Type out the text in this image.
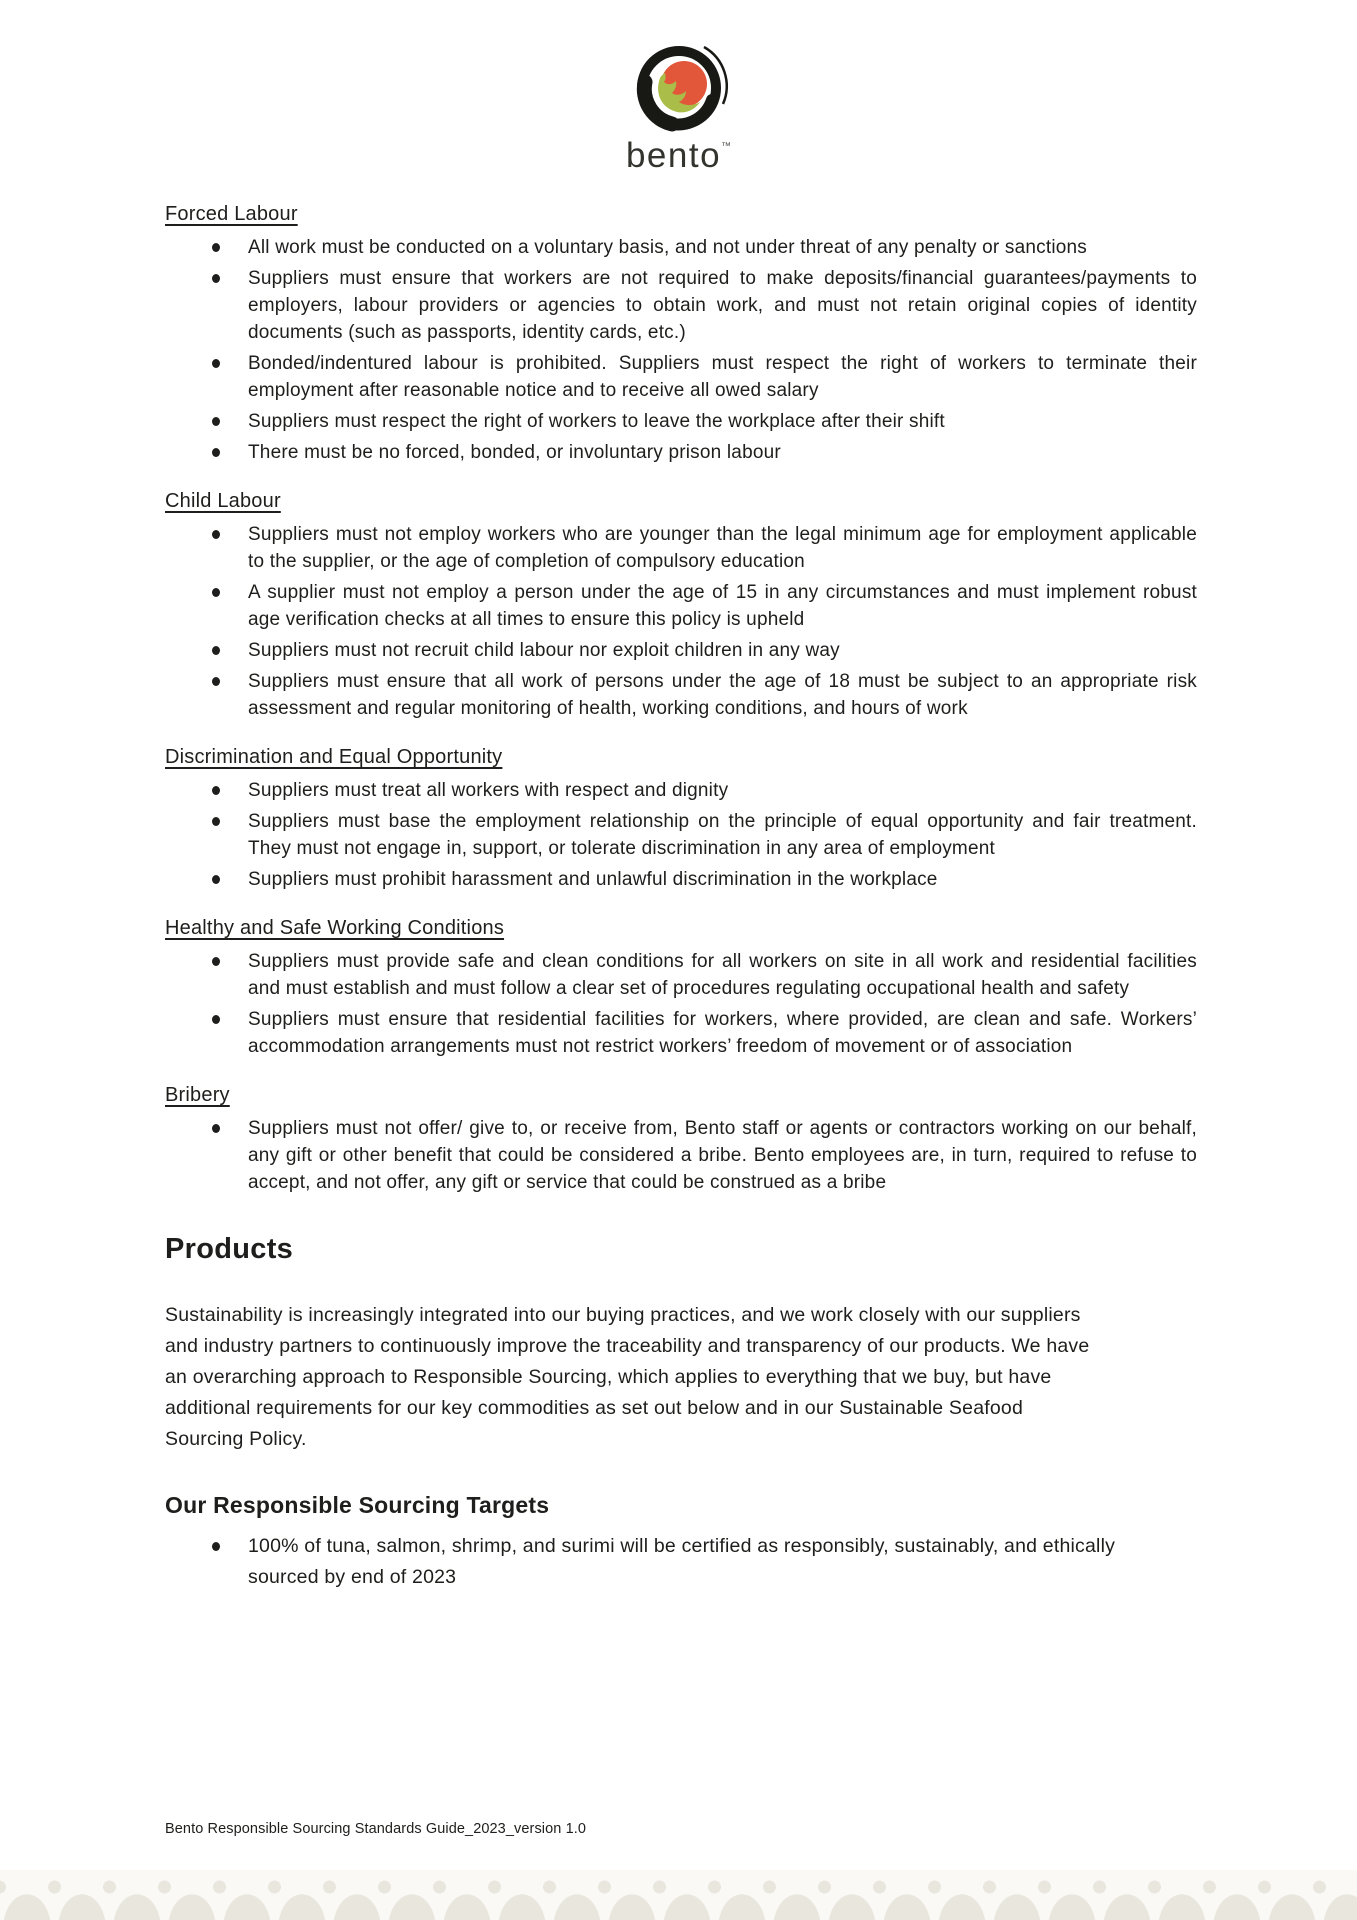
bento™
Forced Labour
All work must be conducted on a voluntary basis, and not under threat of any penalty or sanctions
Suppliers must ensure that workers are not required to make deposits/financial guarantees/payments to employers, labour providers or agencies to obtain work, and must not retain original copies of identity documents (such as passports, identity cards, etc.)
Bonded/indentured labour is prohibited. Suppliers must respect the right of workers to terminate their employment after reasonable notice and to receive all owed salary
Suppliers must respect the right of workers to leave the workplace after their shift
There must be no forced, bonded, or involuntary prison labour
Child Labour
Suppliers must not employ workers who are younger than the legal minimum age for employment applicable to the supplier, or the age of completion of compulsory education
A supplier must not employ a person under the age of 15 in any circumstances and must implement robust age verification checks at all times to ensure this policy is upheld
Suppliers must not recruit child labour nor exploit children in any way
Suppliers must ensure that all work of persons under the age of 18 must be subject to an appropriate risk assessment and regular monitoring of health, working conditions, and hours of work
Discrimination and Equal Opportunity
Suppliers must treat all workers with respect and dignity
Suppliers must base the employment relationship on the principle of equal opportunity and fair treatment. They must not engage in, support, or tolerate discrimination in any area of employment
Suppliers must prohibit harassment and unlawful discrimination in the workplace
Healthy and Safe Working Conditions
Suppliers must provide safe and clean conditions for all workers on site in all work and residential facilities and must establish and must follow a clear set of procedures regulating occupational health and safety
Suppliers must ensure that residential facilities for workers, where provided, are clean and safe. Workers’ accommodation arrangements must not restrict workers’ freedom of movement or of association
Bribery
Suppliers must not offer/ give to, or receive from, Bento staff or agents or contractors working on our behalf, any gift or other benefit that could be considered a bribe. Bento employees are, in turn, required to refuse to accept, and not offer, any gift or service that could be construed as a bribe
Products

Sustainability is increasingly integrated into our buying practices, and we work closely with our suppliers and industry partners to continuously improve the traceability and transparency of our products. We have an overarching approach to Responsible Sourcing, which applies to everything that we buy, but have additional requirements for our key commodities as set out below and in our Sustainable Seafood Sourcing Policy.

Our Responsible Sourcing Targets
100% of tuna, salmon, shrimp, and surimi will be certified as responsibly, sustainably, and ethically sourced by end of 2023
Bento Responsible Sourcing Standards Guide_2023_version 1.0
